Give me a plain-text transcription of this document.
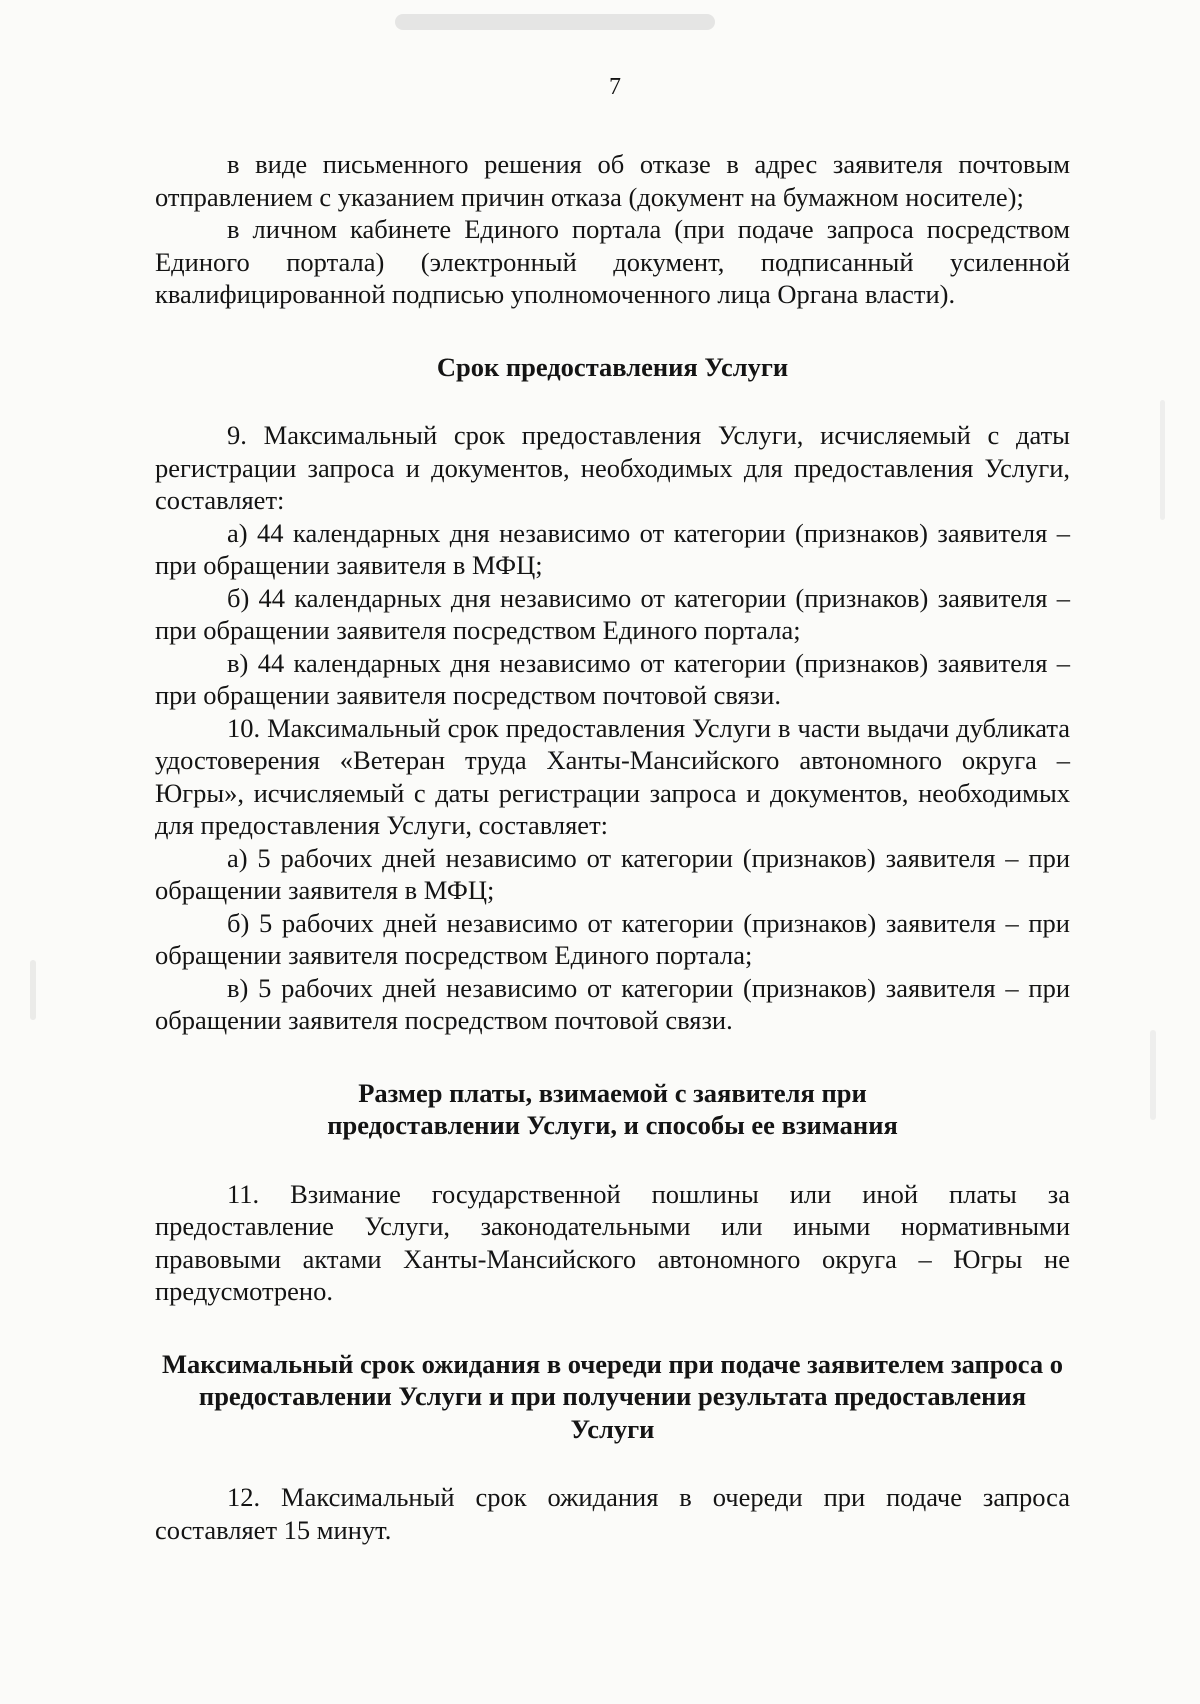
7

в виде письменного решения об отказе в адрес заявителя почтовым отправлением с указанием причин отказа (документ на бумажном носителе);

в личном кабинете Единого портала (при подаче запроса посредством Единого портала) (электронный документ, подписанный усиленной квалифицированной подписью уполномоченного лица Органа власти).

Срок предоставления Услуги

9. Максимальный срок предоставления Услуги, исчисляемый с даты регистрации запроса и документов, необходимых для предоставления Услуги, составляет:

а) 44 календарных дня независимо от категории (признаков) заявителя – при обращении заявителя в МФЦ;

б) 44 календарных дня независимо от категории (признаков) заявителя – при обращении заявителя посредством Единого портала;

в) 44 календарных дня независимо от категории (признаков) заявителя – при обращении заявителя посредством почтовой связи.

10. Максимальный срок предоставления Услуги в части выдачи дубликата удостоверения «Ветеран труда Ханты-Мансийского автономного округа – Югры», исчисляемый с даты регистрации запроса и документов, необходимых для предоставления Услуги, составляет:

а) 5 рабочих дней независимо от категории (признаков) заявителя – при обращении заявителя в МФЦ;

б) 5 рабочих дней независимо от категории (признаков) заявителя – при обращении заявителя посредством Единого портала;

в) 5 рабочих дней независимо от категории (признаков) заявителя – при обращении заявителя посредством почтовой связи.

Размер платы, взимаемой с заявителя при предоставлении Услуги, и способы ее взимания

11. Взимание государственной пошлины или иной платы за предоставление Услуги, законодательными или иными нормативными правовыми актами Ханты-Мансийского автономного округа – Югры не предусмотрено.

Максимальный срок ожидания в очереди при подаче заявителем запроса о предоставлении Услуги и при получении результата предоставления Услуги

12. Максимальный срок ожидания в очереди при подаче запроса составляет 15 минут.
